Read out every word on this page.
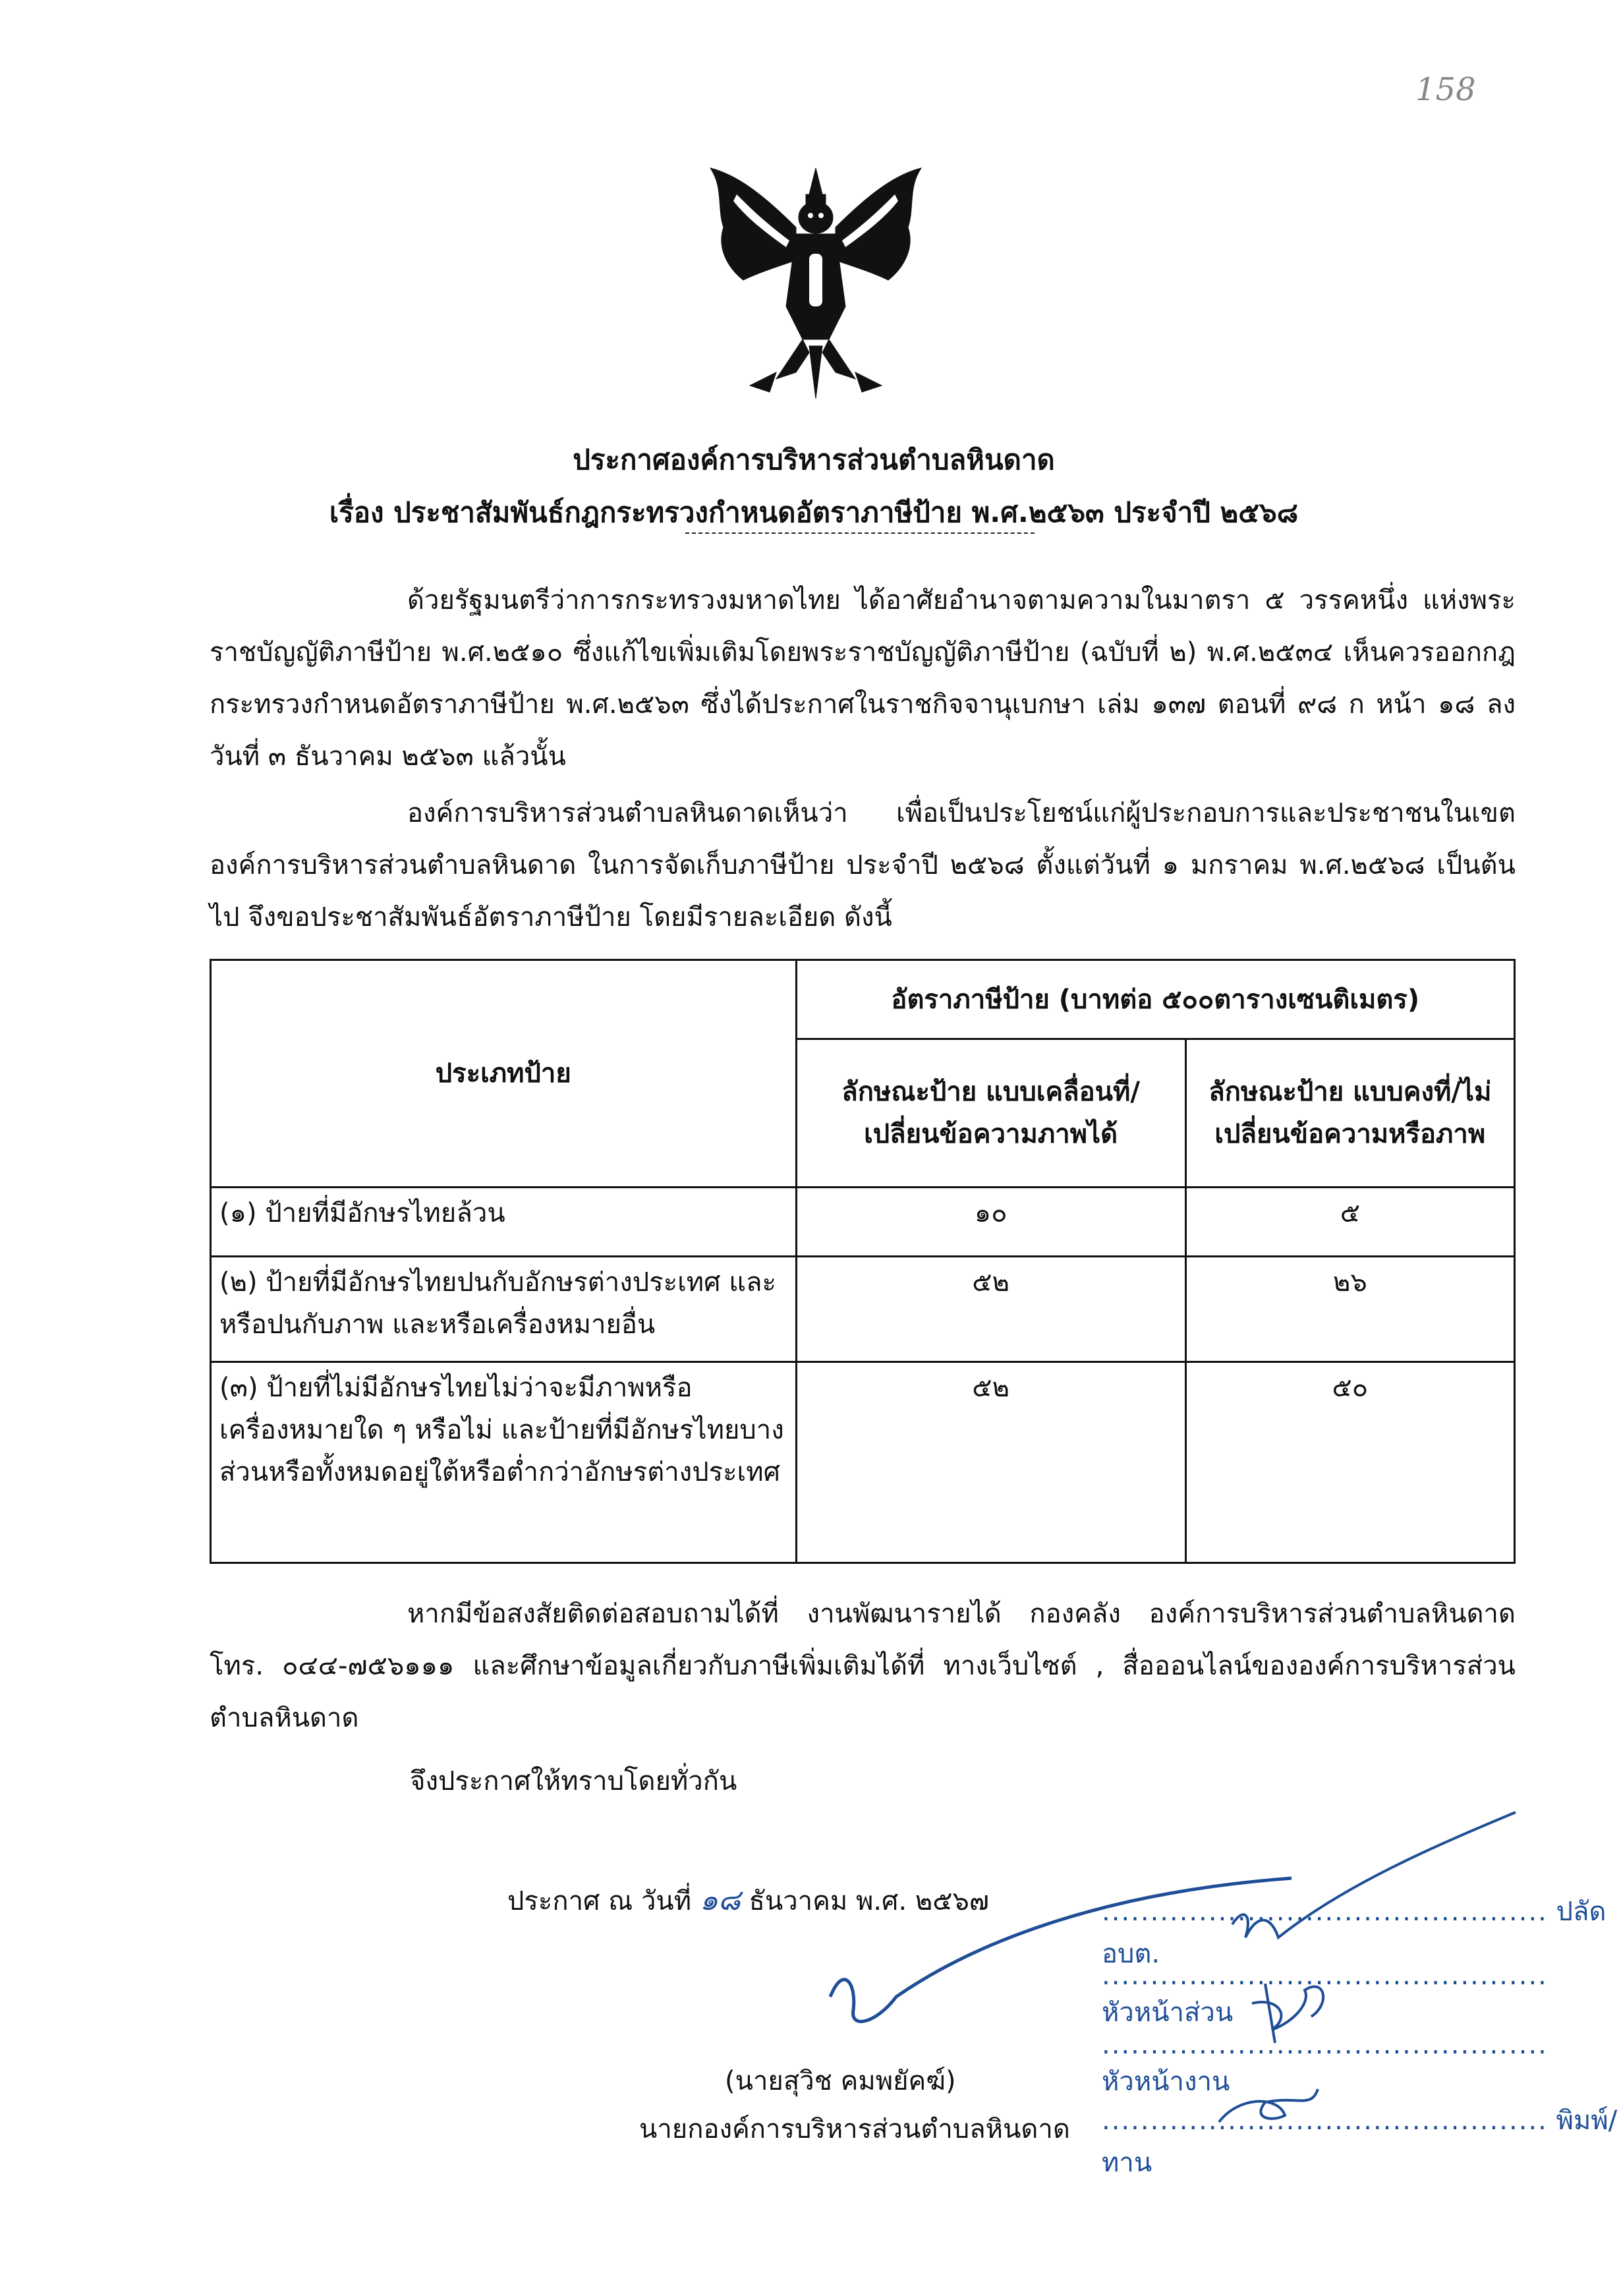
158
ประกาศองค์การบริหารส่วนตำบลหินดาด
เรื่อง ประชาสัมพันธ์กฎกระทรวงกำหนดอัตราภาษีป้าย พ.ศ.๒๕๖๓ ประจำปี ๒๕๖๘
ด้วยรัฐมนตรีว่าการกระทรวงมหาดไทย ได้อาศัยอำนาจตามความในมาตรา ๕ วรรคหนึ่ง แห่งพระราชบัญญัติภาษีป้าย พ.ศ.๒๕๑๐ ซึ่งแก้ไขเพิ่มเติมโดยพระราชบัญญัติภาษีป้าย (ฉบับที่ ๒) พ.ศ.๒๕๓๔ เห็นควรออกกฎกระทรวงกำหนดอัตราภาษีป้าย พ.ศ.๒๕๖๓ ซึ่งได้ประกาศในราชกิจจานุเบกษา เล่ม ๑๓๗ ตอนที่ ๙๘ ก หน้า ๑๘ ลงวันที่ ๓ ธันวาคม ๒๕๖๓ แล้วนั้น
องค์การบริหารส่วนตำบลหินดาดเห็นว่า เพื่อเป็นประโยชน์แก่ผู้ประกอบการและประชาชนในเขตองค์การบริหารส่วนตำบลหินดาด ในการจัดเก็บภาษีป้าย ประจำปี ๒๕๖๘ ตั้งแต่วันที่ ๑ มกราคม พ.ศ.๒๕๖๘ เป็นต้นไป จึงขอประชาสัมพันธ์อัตราภาษีป้าย โดยมีรายละเอียด ดังนี้
ประเภทป้าย	อัตราภาษีป้าย (บาทต่อ ๕๐๐ตารางเซนติเมตร)	
	ลักษณะป้าย แบบเคลื่อนที่/เปลี่ยนข้อความภาพได้	ลักษณะป้าย แบบคงที่/ไม่เปลี่ยนข้อความหรือภาพ
(๑) ป้ายที่มีอักษรไทยล้วน	๑๐	๕
(๒) ป้ายที่มีอักษรไทยปนกับอักษรต่างประเทศ และหรือปนกับภาพ และหรือเครื่องหมายอื่น	๕๒	๒๖
(๓) ป้ายที่ไม่มีอักษรไทยไม่ว่าจะมีภาพหรือเครื่องหมายใด ๆ หรือไม่ และป้ายที่มีอักษรไทยบางส่วนหรือทั้งหมดอยู่ใต้หรือต่ำกว่าอักษรต่างประเทศ	๕๒	๕๐
หากมีข้อสงสัยติดต่อสอบถามได้ที่ งานพัฒนารายได้ กองคลัง องค์การบริหารส่วนตำบลหินดาด โทร. ๐๔๔-๗๕๖๑๑๑ และศึกษาข้อมูลเกี่ยวกับภาษีเพิ่มเติมได้ที่ ทางเว็บไซต์ , สื่อออนไลน์ขององค์การบริหารส่วนตำบลหินดาด
จึงประกาศให้ทราบโดยทั่วกัน
ประกาศ ณ วันที่ ๑๘ ธันวาคม พ.ศ. ๒๕๖๗
(นายสุวิช คมพยัคฆ์)
นายกองค์การบริหารส่วนตำบลหินดาด
.............................................. ปลัด อบต.
.............................................. หัวหน้าส่วน
.............................................. หัวหน้างาน
.............................................. พิมพ์/ทาน
